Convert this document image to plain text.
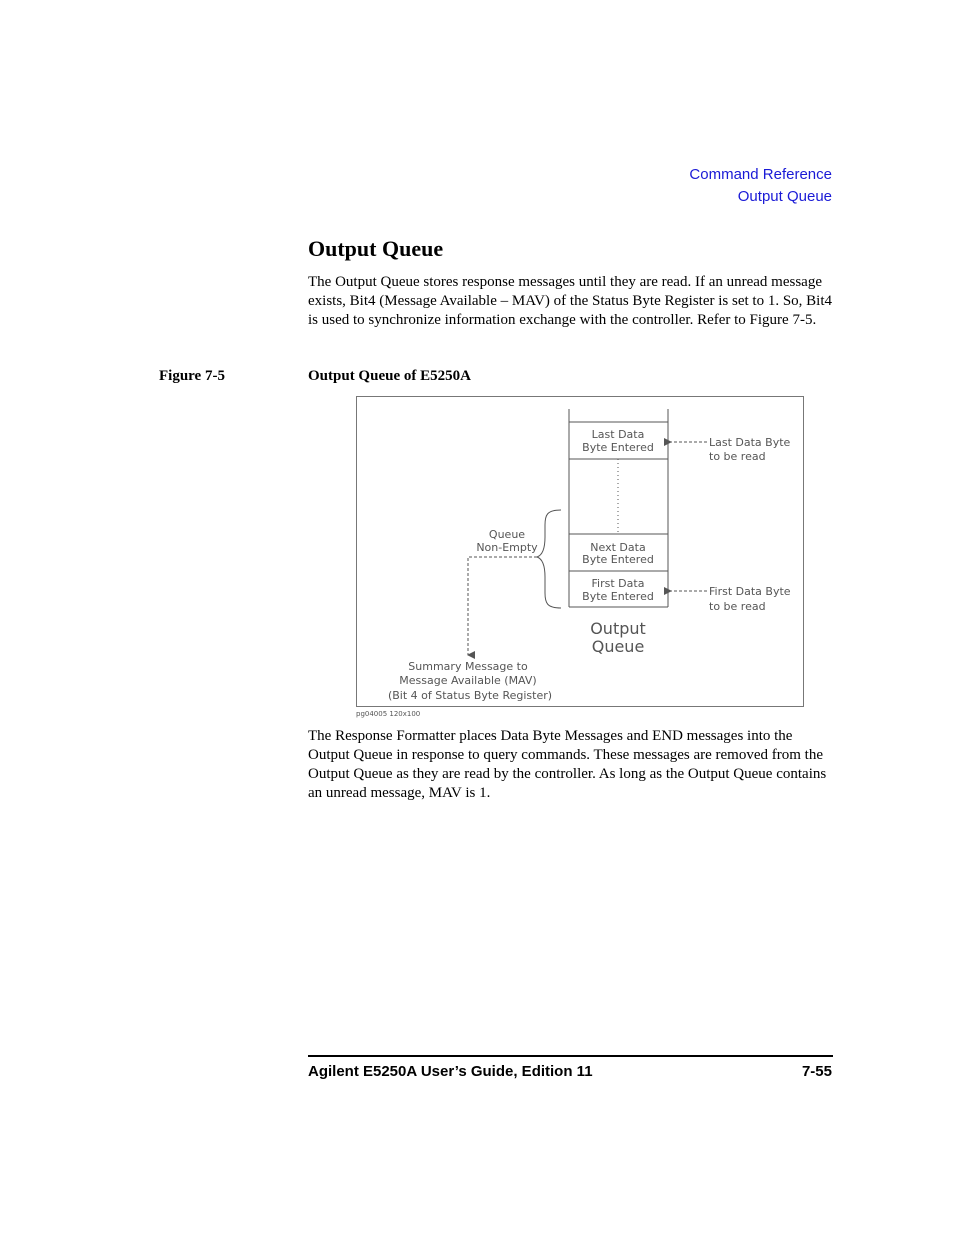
Command Reference
Output Queue
Output Queue

The Output Queue stores response messages until they are read. If an unread message exists, Bit4 (Message Available – MAV) of the Status Byte Register is set to 1. So, Bit4 is used to synchronize information exchange with the controller. Refer to Figure 7-5.

Figure 7-5	Output Queue of E5250A
Last Data
Byte Entered
Next Data
Byte Entered
First Data
Byte Entered
Output
Queue
Last Data Byte
to be read
First Data Byte
to be read
Queue
Non-Empty
Summary Message to
Message Available (MAV)
(Bit 4 of Status Byte Register)
pg04005 120x100

The Response Formatter places Data Byte Messages and END messages into the Output Queue in response to query commands. These messages are removed from the Output Queue as they are read by the controller. As long as the Output Queue contains an unread message, MAV is 1.

Agilent E5250A User’s Guide, Edition 11	7-55
